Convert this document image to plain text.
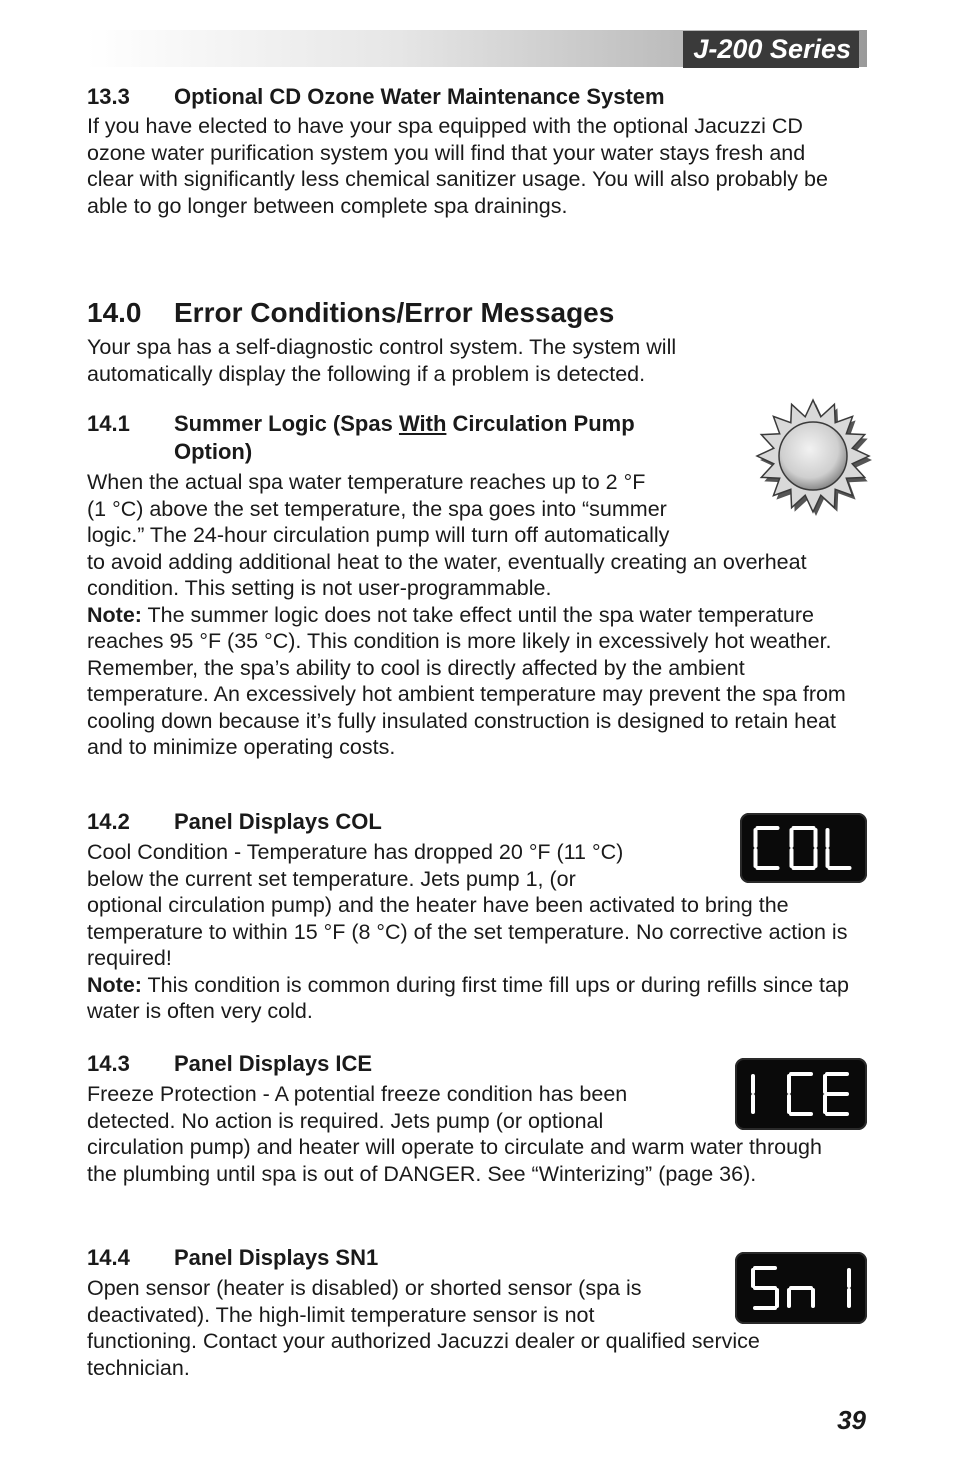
J-200 Series
13.3	Optional CD Ozone Water Maintenance System

If you have elected to have your spa equipped with the optional Jacuzzi CD ozone water purification system you will find that your water stays fresh and clear with significantly less chemical sanitizer usage. You will also probably be able to go longer between complete spa drainings.

14.0	Error Conditions/Error Messages

Your spa has a self-diagnostic control system. The system will automatically display the following if a problem is detected.

14.1	Summer Logic (Spas With Circulation Pump Option)

When the actual spa water temperature reaches up to 2 °F
(1 °C) above the set temperature, the spa goes into “summer
logic.” The 24-hour circulation pump will turn off automatically
to avoid adding additional heat to the water, eventually creating an overheat condition. This setting is not user-programmable.
Note: The summer logic does not take effect until the spa water temperature reaches 95 °F (35 °C). This condition is more likely in excessively hot weather. Remember, the spa’s ability to cool is directly affected by the ambient temperature. An excessively hot ambient temperature may prevent the spa from cooling down because it’s fully insulated construction is designed to retain heat and to minimize operating costs.

14.2	Panel Displays COL

Cool Condition - Temperature has dropped 20 °F (11 °C)
below the current set temperature. Jets pump 1, (or
optional circulation pump) and the heater have been activated to bring the temperature to within 15 °F (8 °C) of the set temperature. No corrective action is required!
Note: This condition is common during first time fill ups or during refills since tap water is often very cold.

14.3	Panel Displays ICE

Freeze Protection - A potential freeze condition has been
detected. No action is required. Jets pump (or optional
circulation pump) and heater will operate to circulate and warm water through the plumbing until spa is out of DANGER. See “Winterizing” (page 36).

14.4	Panel Displays SN1

Open sensor (heater is disabled) or shorted sensor (spa is
deactivated). The high-limit temperature sensor is not
functioning. Contact your authorized Jacuzzi dealer or qualified service technician.

39
